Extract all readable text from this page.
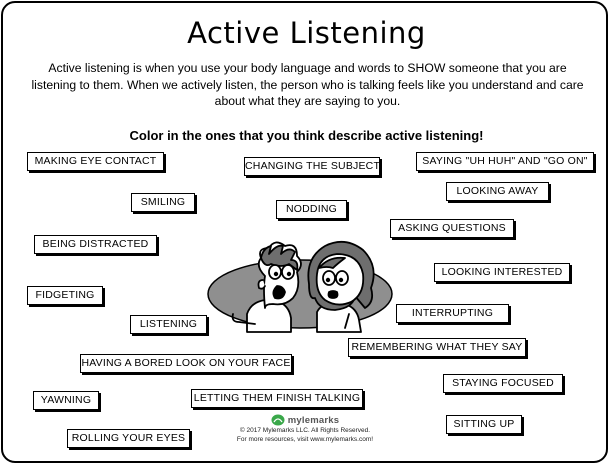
Active Listening
Active listening is when you use your body language and words to SHOW someone that you are listening to them. When we actively listen, the person who is talking feels like you understand and care about what they are saying to you.
Color in the ones that you think describe active listening!
MAKING EYE CONTACT	CHANGING THE SUBJECT	SAYING "UH HUH" AND "GO ON"
LOOKING AWAY
SMILING
NODDING
ASKING QUESTIONS
BEING DISTRACTED
LOOKING INTERESTED
FIDGETING
INTERRUPTING
LISTENING
REMEMBERING WHAT THEY SAY
HAVING A BORED LOOK ON YOUR FACE
STAYING FOCUSED
YAWNING	LETTING THEM FINISH TALKING
SITTING UP
ROLLING YOUR EYES
mylemarks
© 2017 Mylemarks LLC. All Rights Reserved.
For more resources, visit www.mylemarks.com!
